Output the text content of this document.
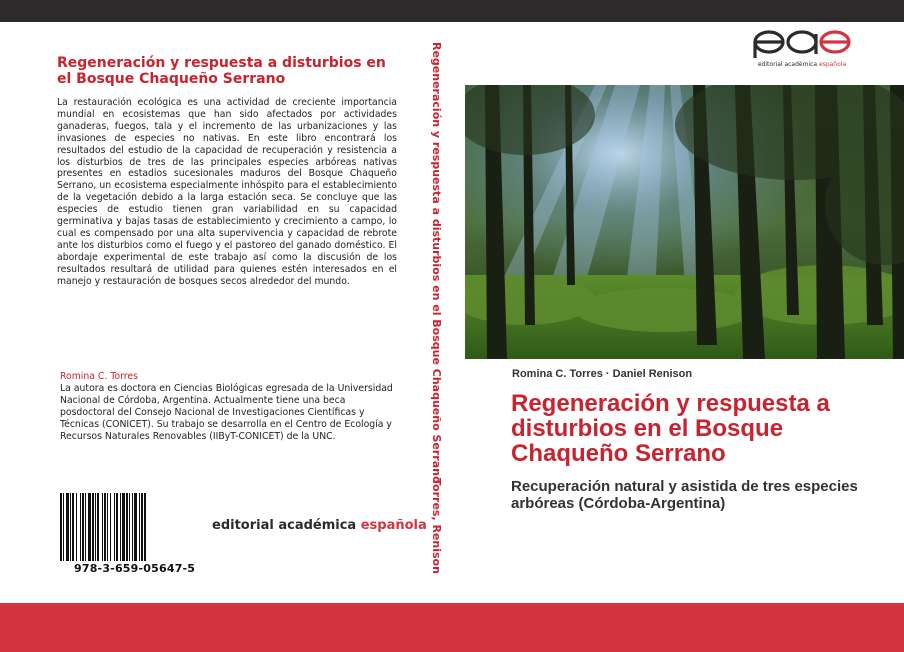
Regeneración y respuesta a disturbios en el Bosque Chaqueño Serrano
La restauración ecológica es una actividad de creciente importancia mundial en ecosistemas que han sido afectados por actividades ganaderas, fuegos, tala y el incremento de las urbanizaciones y las invasiones de especies no nativas. En este libro encontrará los resultados del estudio de la capacidad de recuperación y resistencia a los disturbios de tres de las principales especies arbóreas nativas presentes en estadios sucesionales maduros del Bosque Chaqueño Serrano, un ecosistema especialmente inhóspito para el establecimiento de la vegetación debido a la larga estación seca. Se concluye que las especies de estudio tienen gran variabilidad en su capacidad germinativa y bajas tasas de establecimiento y crecimiento a campo, lo cual es compensado por una alta supervivencia y capacidad de rebrote ante los disturbios como el fuego y el pastoreo del ganado doméstico. El abordaje experimental de este trabajo así como la discusión de los resultados resultará de utilidad para quienes estén interesados en el manejo y restauración de bosques secos alrededor del mundo.
Romina C. Torres
La autora es doctora en Ciencias Biológicas egresada de la Universidad Nacional de Córdoba, Argentina. Actualmente tiene una beca posdoctoral del Consejo Nacional de Investigaciones Científicas y Técnicas (CONICET). Su trabajo se desarrolla en el Centro de Ecología y Recursos Naturales Renovables (IIByT-CONICET) de la UNC.
978-3-659-05647-5
editorial académica española
Regeneración y respuesta a disturbios en el Bosque Chaqueño Serrano
Torres, Renison
editorial académica española
Romina C. Torres · Daniel Renison
Regeneración y respuesta a disturbios en el Bosque Chaqueño Serrano
Recuperación natural y asistida de tres especies arbóreas (Córdoba-Argentina)
